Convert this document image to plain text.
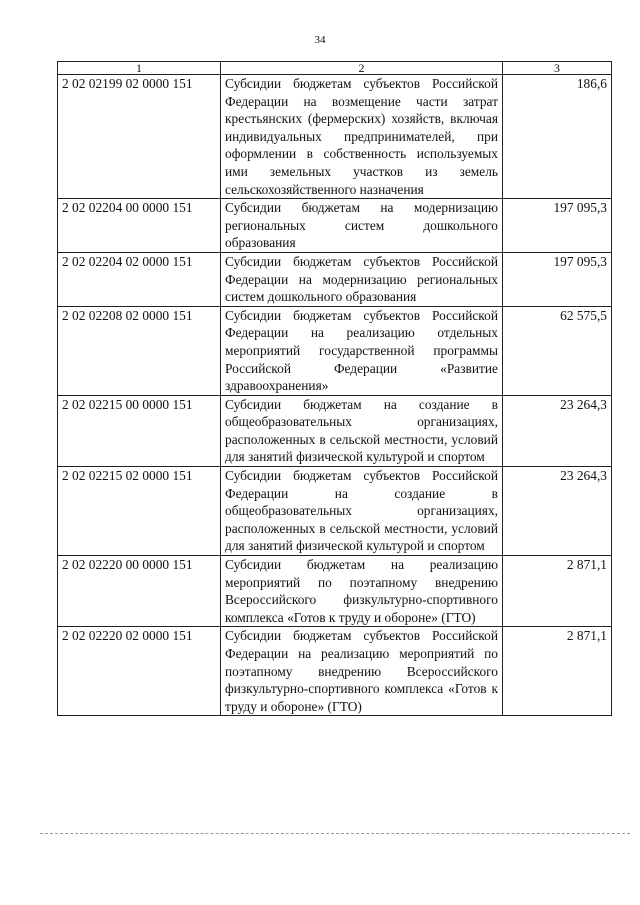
34
1	2	3
2 02 02199 02 0000 151	Субсидии бюджетам субъектов Российской Федерации на возмещение части затрат крестьянских (фермерских) хозяйств, включая индивидуальных предпринимателей, при оформлении в собственность используемых ими земельных участков из земель сельскохозяйственного назначения	186,6
2 02 02204 00 0000 151	Субсидии бюджетам на модернизацию региональных систем дошкольного образования	197 095,3
2 02 02204 02 0000 151	Субсидии бюджетам субъектов Российской Федерации на модернизацию региональных систем дошкольного образования	197 095,3
2 02 02208 02 0000 151	Субсидии бюджетам субъектов Российской Федерации на реализацию отдельных мероприятий государственной программы Российской Федерации «Развитие здравоохранения»	62 575,5
2 02 02215 00 0000 151	Субсидии бюджетам на создание в общеобразовательных организациях, расположенных в сельской местности, условий для занятий физической культурой и спортом	23 264,3
2 02 02215 02 0000 151	Субсидии бюджетам субъектов Российской Федерации на создание в общеобразовательных организациях, расположенных в сельской местности, условий для занятий физической культурой и спортом	23 264,3
2 02 02220 00 0000 151	Субсидии бюджетам на реализацию мероприятий по поэтапному внедрению Всероссийского физкультурно-спортивного комплекса «Готов к труду и обороне» (ГТО)	2 871,1
2 02 02220 02 0000 151	Субсидии бюджетам субъектов Российской Федерации на реализацию мероприятий по поэтапному внедрению Всероссийского физкультурно-спортивного комплекса «Готов к труду и обороне» (ГТО)	2 871,1
